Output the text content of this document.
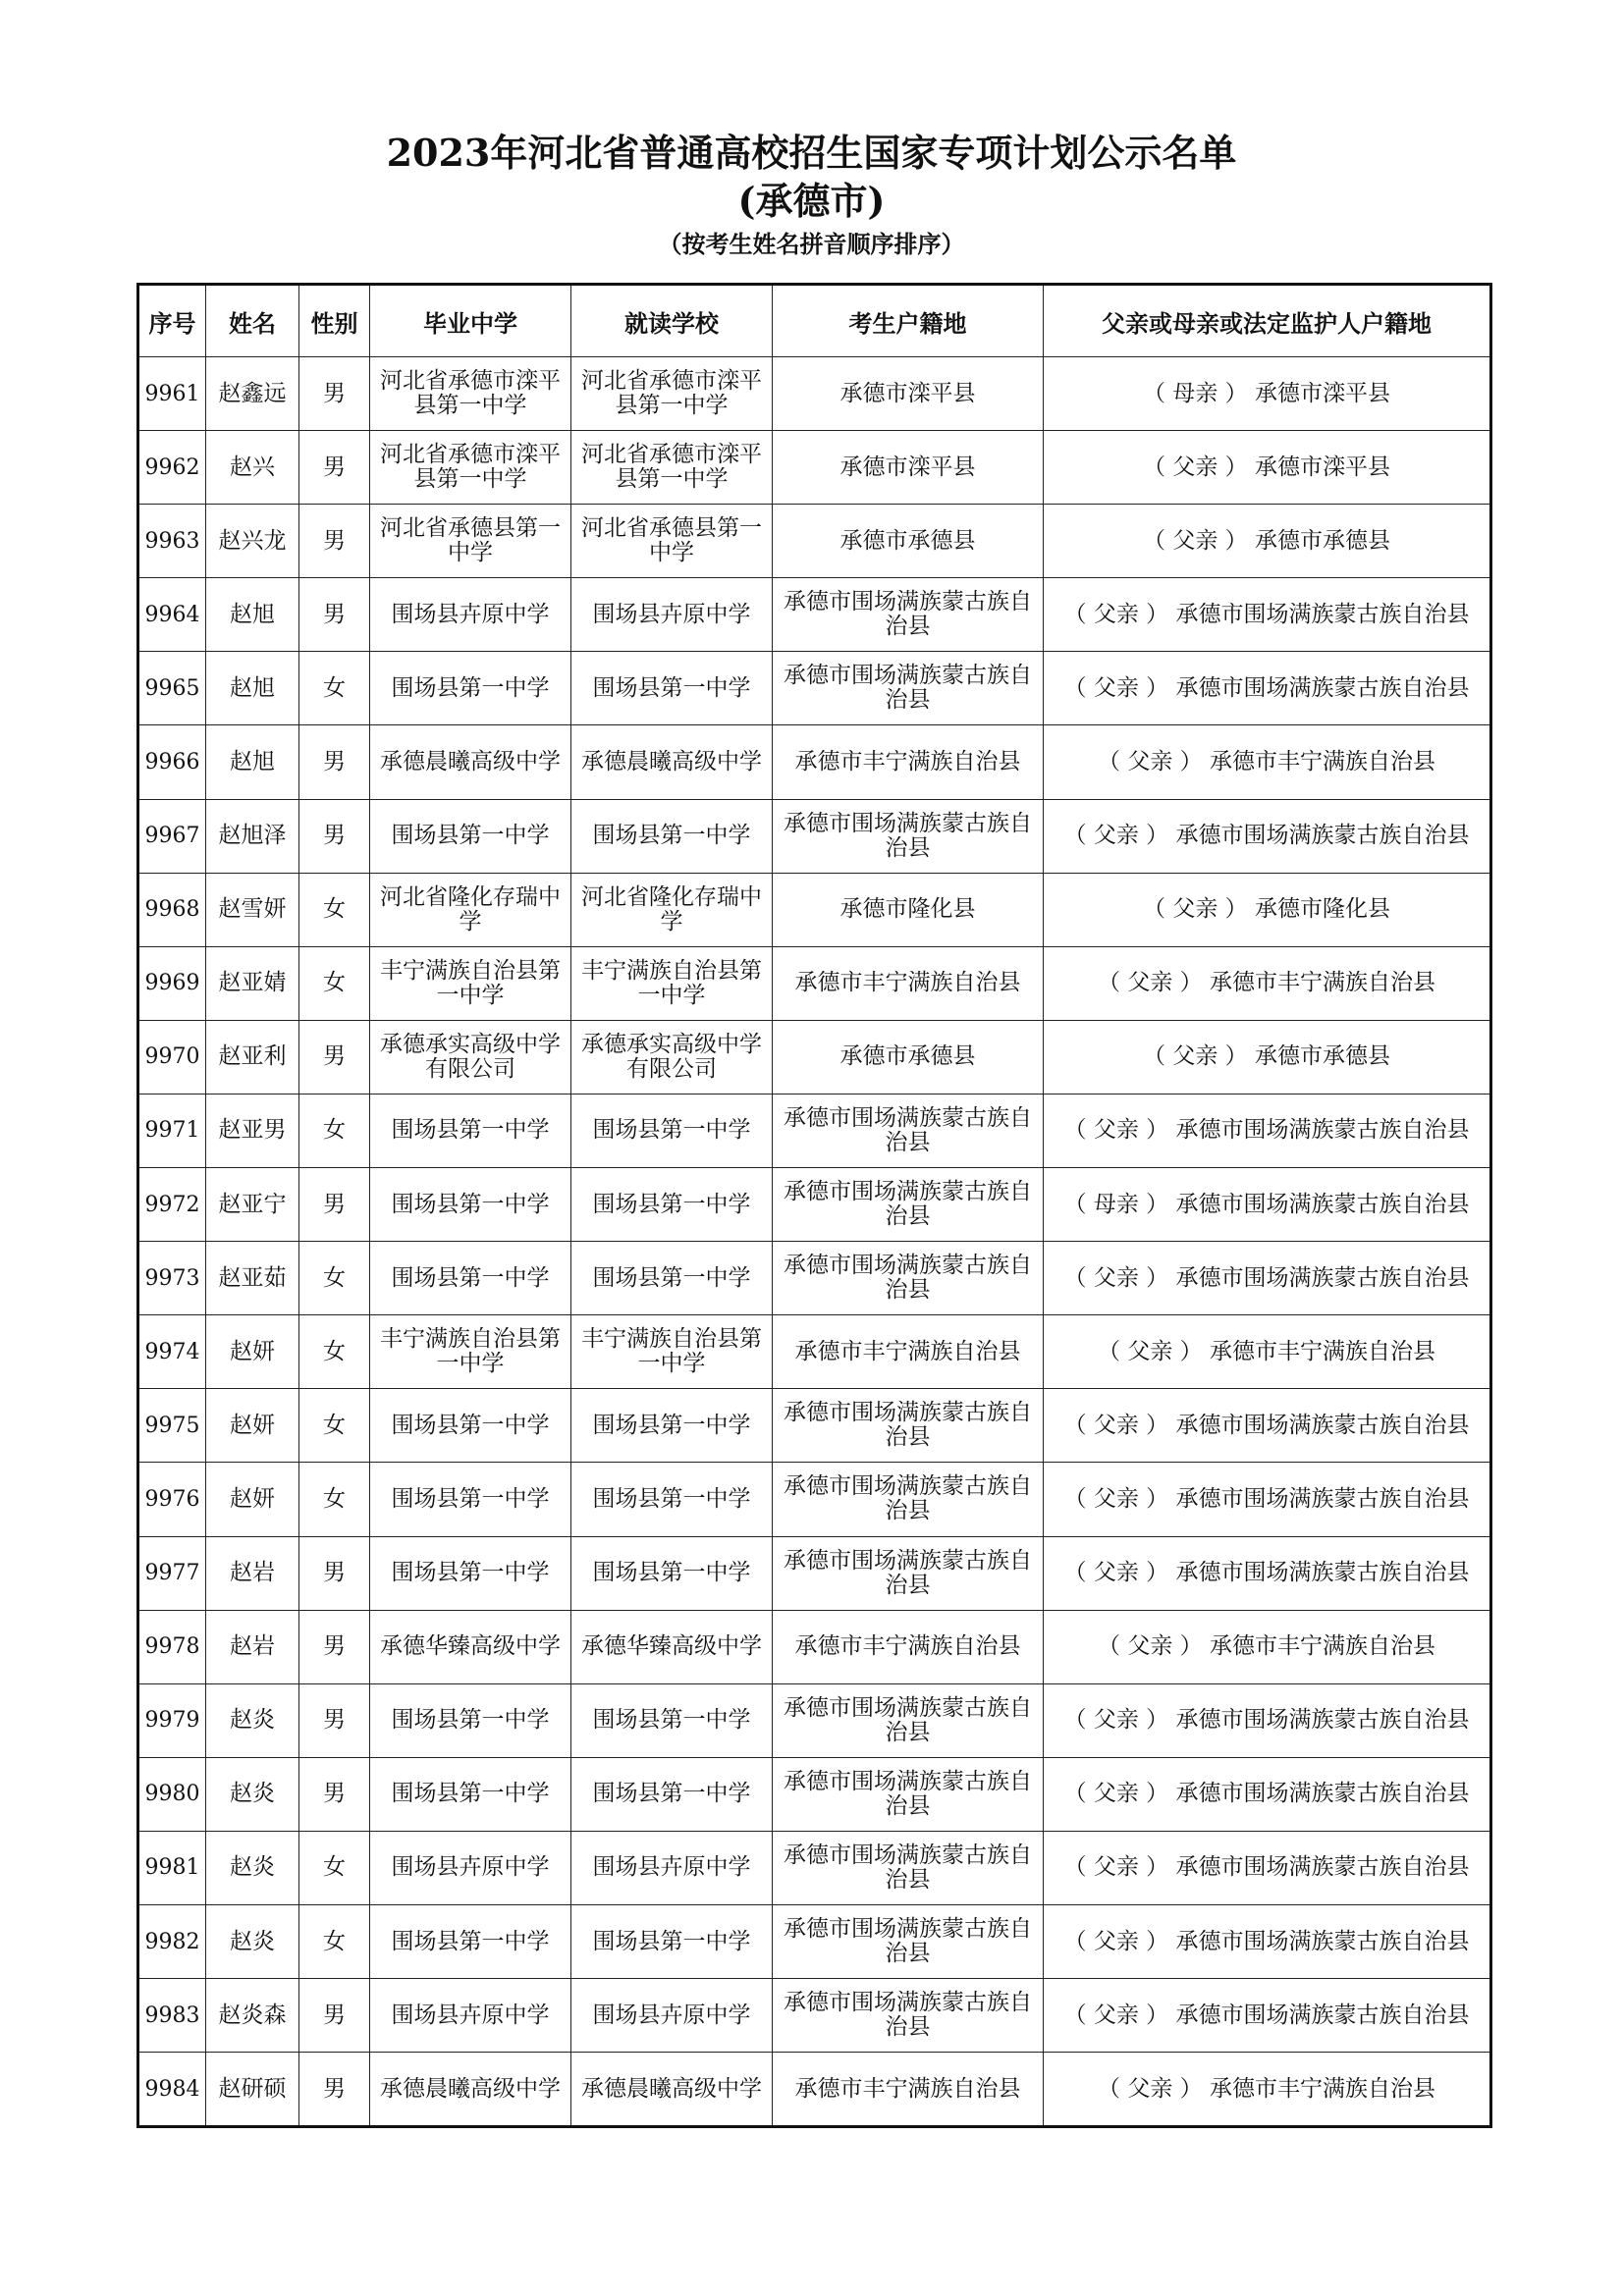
2023年河北省普通高校招生国家专项计划公示名单
(承德市)
（按考生姓名拼音顺序排序）
序号	姓名	性别	毕业中学	就读学校	考生户籍地	父亲或母亲或法定监护人户籍地
9961	赵鑫远	男	河北省承德市滦平县第一中学	河北省承德市滦平县第一中学	承德市滦平县	（ 母亲 ） 承德市滦平县
9962	赵兴	男	河北省承德市滦平县第一中学	河北省承德市滦平县第一中学	承德市滦平县	（ 父亲 ） 承德市滦平县
9963	赵兴龙	男	河北省承德县第一中学	河北省承德县第一中学	承德市承德县	（ 父亲 ） 承德市承德县
9964	赵旭	男	围场县卉原中学	围场县卉原中学	承德市围场满族蒙古族自治县	（ 父亲 ） 承德市围场满族蒙古族自治县
9965	赵旭	女	围场县第一中学	围场县第一中学	承德市围场满族蒙古族自治县	（ 父亲 ） 承德市围场满族蒙古族自治县
9966	赵旭	男	承德晨曦高级中学	承德晨曦高级中学	承德市丰宁满族自治县	（ 父亲 ） 承德市丰宁满族自治县
9967	赵旭泽	男	围场县第一中学	围场县第一中学	承德市围场满族蒙古族自治县	（ 父亲 ） 承德市围场满族蒙古族自治县
9968	赵雪妍	女	河北省隆化存瑞中学	河北省隆化存瑞中学	承德市隆化县	（ 父亲 ） 承德市隆化县
9969	赵亚婧	女	丰宁满族自治县第一中学	丰宁满族自治县第一中学	承德市丰宁满族自治县	（ 父亲 ） 承德市丰宁满族自治县
9970	赵亚利	男	承德承实高级中学有限公司	承德承实高级中学有限公司	承德市承德县	（ 父亲 ） 承德市承德县
9971	赵亚男	女	围场县第一中学	围场县第一中学	承德市围场满族蒙古族自治县	（ 父亲 ） 承德市围场满族蒙古族自治县
9972	赵亚宁	男	围场县第一中学	围场县第一中学	承德市围场满族蒙古族自治县	（ 母亲 ） 承德市围场满族蒙古族自治县
9973	赵亚茹	女	围场县第一中学	围场县第一中学	承德市围场满族蒙古族自治县	（ 父亲 ） 承德市围场满族蒙古族自治县
9974	赵妍	女	丰宁满族自治县第一中学	丰宁满族自治县第一中学	承德市丰宁满族自治县	（ 父亲 ） 承德市丰宁满族自治县
9975	赵妍	女	围场县第一中学	围场县第一中学	承德市围场满族蒙古族自治县	（ 父亲 ） 承德市围场满族蒙古族自治县
9976	赵妍	女	围场县第一中学	围场县第一中学	承德市围场满族蒙古族自治县	（ 父亲 ） 承德市围场满族蒙古族自治县
9977	赵岩	男	围场县第一中学	围场县第一中学	承德市围场满族蒙古族自治县	（ 父亲 ） 承德市围场满族蒙古族自治县
9978	赵岩	男	承德华臻高级中学	承德华臻高级中学	承德市丰宁满族自治县	（ 父亲 ） 承德市丰宁满族自治县
9979	赵炎	男	围场县第一中学	围场县第一中学	承德市围场满族蒙古族自治县	（ 父亲 ） 承德市围场满族蒙古族自治县
9980	赵炎	男	围场县第一中学	围场县第一中学	承德市围场满族蒙古族自治县	（ 父亲 ） 承德市围场满族蒙古族自治县
9981	赵炎	女	围场县卉原中学	围场县卉原中学	承德市围场满族蒙古族自治县	（ 父亲 ） 承德市围场满族蒙古族自治县
9982	赵炎	女	围场县第一中学	围场县第一中学	承德市围场满族蒙古族自治县	（ 父亲 ） 承德市围场满族蒙古族自治县
9983	赵炎森	男	围场县卉原中学	围场县卉原中学	承德市围场满族蒙古族自治县	（ 父亲 ） 承德市围场满族蒙古族自治县
9984	赵研硕	男	承德晨曦高级中学	承德晨曦高级中学	承德市丰宁满族自治县	（ 父亲 ） 承德市丰宁满族自治县
